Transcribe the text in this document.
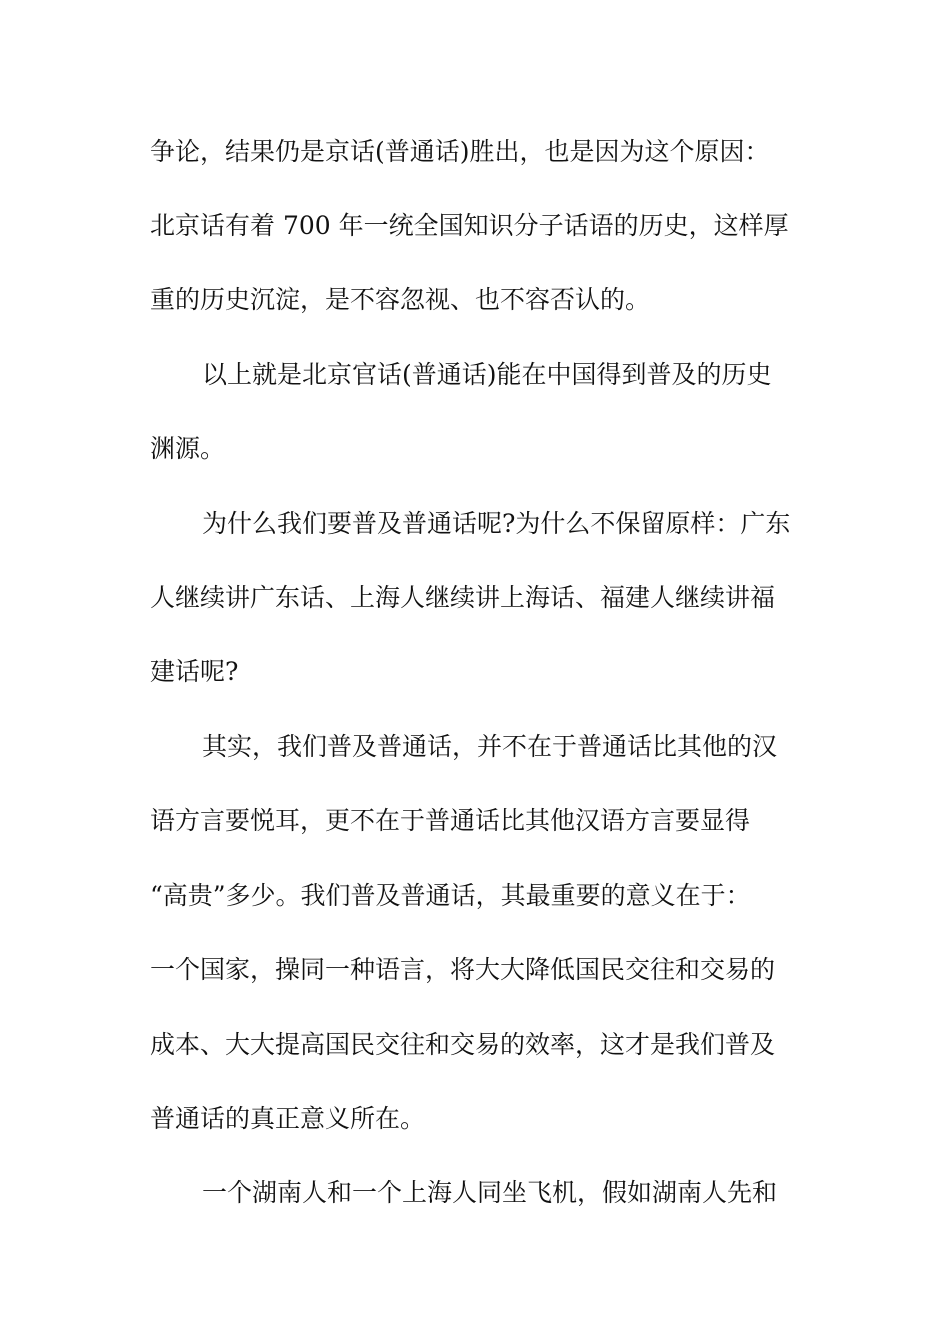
争论，结果仍是京话(普通话)胜出，也是因为这个原因：
北京话有着 700 年一统全国知识分子话语的历史，这样厚
重的历史沉淀，是不容忽视、也不容否认的。
以上就是北京官话(普通话)能在中国得到普及的历史
渊源。
为什么我们要普及普通话呢?为什么不保留原样：广东
人继续讲广东话、上海人继续讲上海话、福建人继续讲福
建话呢?
其实，我们普及普通话，并不在于普通话比其他的汉
语方言要悦耳，更不在于普通话比其他汉语方言要显得
“高贵”多少。我们普及普通话，其最重要的意义在于：
一个国家，操同一种语言，将大大降低国民交往和交易的
成本、大大提高国民交往和交易的效率，这才是我们普及
普通话的真正意义所在。
一个湖南人和一个上海人同坐飞机，假如湖南人先和
